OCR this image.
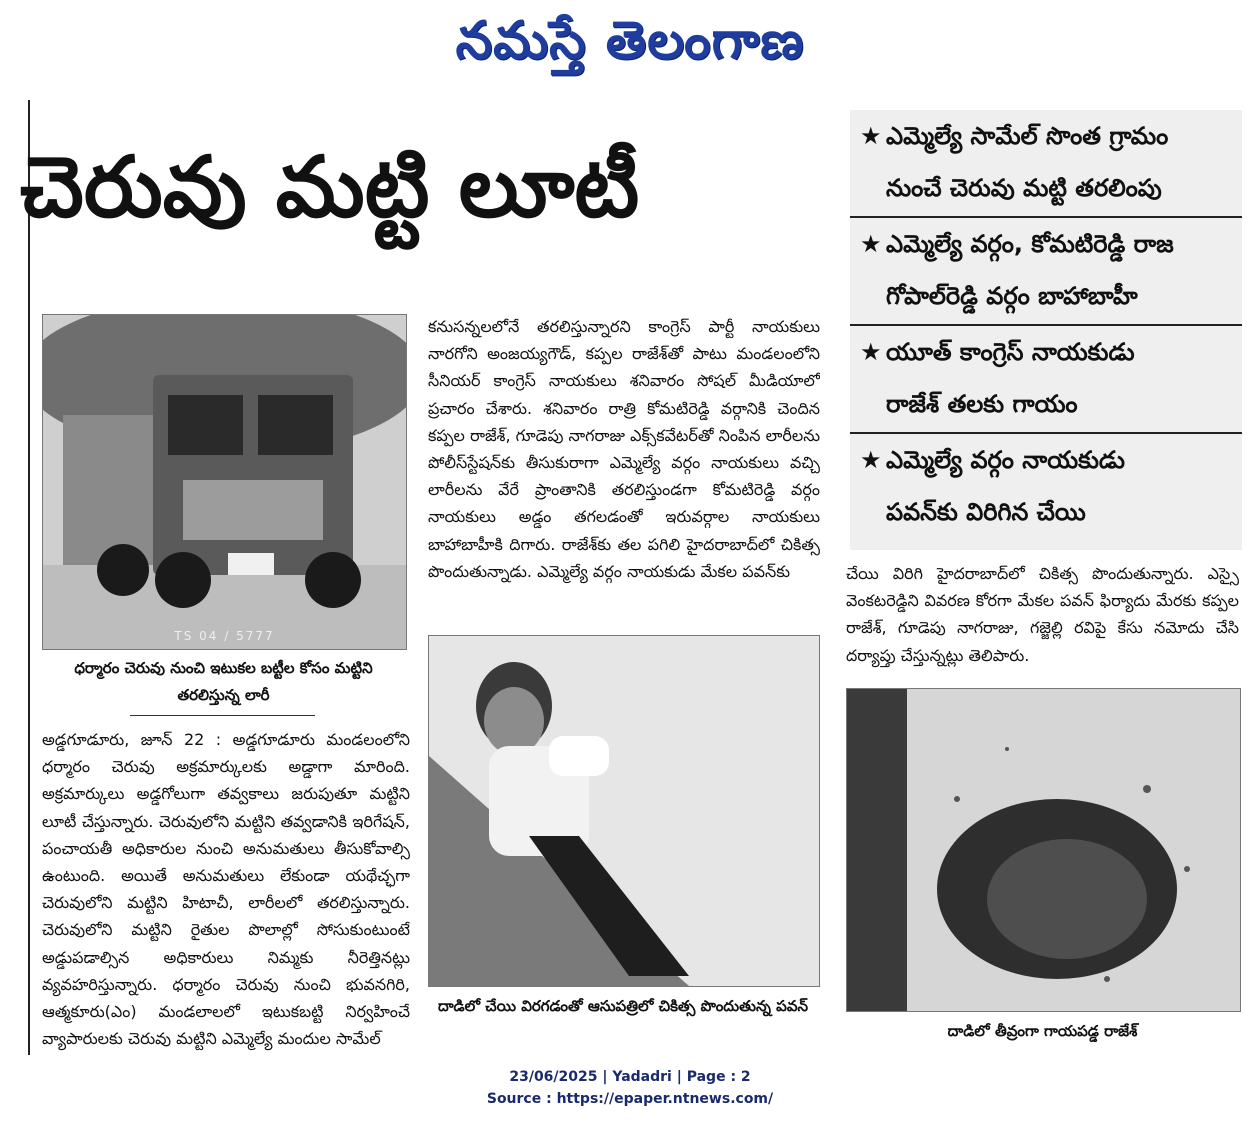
నమస్తే తెలంగాణ
చెరువు మట్టి లూటీ
★ ఎమ్మెల్యే సామేల్‌ సొంత గ్రామం
నుంచే చెరువు మట్టి తరలింపు
★ ఎమ్మెల్యే వర్గం, కోమటిరెడ్డి రాజ
గోపాల్‌రెడ్డి వర్గం బాహాబాహీ
★ యూత్‌ కాంగ్రెస్‌ నాయకుడు
రాజేశ్‌ తలకు గాయం
★ ఎమ్మెల్యే వర్గం నాయకుడు
పవన్‌కు విరిగిన చేయి
TS 04 / 5777
ధర్మారం చెరువు నుంచి ఇటుకల బట్టీల కోసం మట్టిని తరలిస్తున్న లారీ
అడ్డగూడూరు, జూన్‌ 22 : అడ్డగూడూరు మండలంలోని ధర్మారం చెరువు అక్రమార్కులకు అడ్డాగా మారింది. అక్రమార్కులు అడ్డగోలుగా తవ్వకాలు జరుపుతూ మట్టిని లూటీ చేస్తున్నారు. చెరువులోని మట్టిని తవ్వడానికి ఇరిగేషన్‌, పంచాయతీ అధికారుల నుంచి అనుమతులు తీసుకోవాల్సి ఉంటుంది. అయితే అనుమతులు లేకుండా యథేచ్ఛగా చెరువులోని మట్టిని హిటాచీ, లారీలలో తరలిస్తున్నారు. చెరువులోని మట్టిని రైతుల పొలాల్లో సోసుకుంటుంటే అడ్డుపడాల్సిన అధికారులు నిమ్మకు నీరెత్తినట్లు వ్యవహరిస్తున్నారు. ధర్మారం చెరువు నుంచి భువనగిరి, ఆత్మకూరు(ఎం) మండలాలలో ఇటుకబట్టి నిర్వహించే వ్యాపారులకు చెరువు మట్టిని ఎమ్మెల్యే మందుల సామేల్‌
కనుసన్నలలోనే తరలిస్తున్నారని కాంగ్రెస్‌ పార్టీ నాయకులు నారగోని అంజయ్యగౌడ్‌, కప్పల రాజేశ్‌తో పాటు మండలంలోని సీనియర్‌ కాంగ్రెస్‌ నాయకులు శనివారం సోషల్‌ మీడియాలో ప్రచారం చేశారు. శనివారం రాత్రి కోమటిరెడ్డి వర్గానికి చెందిన కప్పల రాజేశ్‌, గూడెపు నాగరాజు ఎక్స్‌కవేటర్‌తో నింపిన లారీలను పోలీస్‌స్టేషన్‌కు తీసుకురాగా ఎమ్మెల్యే వర్గం నాయకులు వచ్చి లారీలను వేరే ప్రాంతానికి తరలిస్తుండగా కోమటిరెడ్డి వర్గం నాయకులు అడ్డం తగలడంతో ఇరువర్గాల నాయకులు బాహాబాహీకి దిగారు. రాజేశ్‌కు తల పగిలి హైదరాబాద్‌లో చికిత్స పొందుతున్నాడు. ఎమ్మెల్యే వర్గం నాయకుడు మేకల పవన్‌కు
దాడిలో చేయి విరగడంతో ఆసుపత్రిలో చికిత్స పొందుతున్న పవన్‌
చేయి విరిగి హైదరాబాద్‌లో చికిత్స పొందుతున్నారు. ఎస్సై వెంకటరెడ్డిని వివరణ కోరగా మేకల పవన్‌ ఫిర్యాదు మేరకు కప్పల రాజేశ్‌, గూడెపు నాగరాజు, గజ్జెల్లి రవిపై కేసు నమోదు చేసి దర్యాప్తు చేస్తున్నట్లు తెలిపారు.
దాడిలో తీవ్రంగా గాయపడ్డ రాజేశ్‌
23/06/2025 | Yadadri | Page : 2
Source : https://epaper.ntnews.com/
